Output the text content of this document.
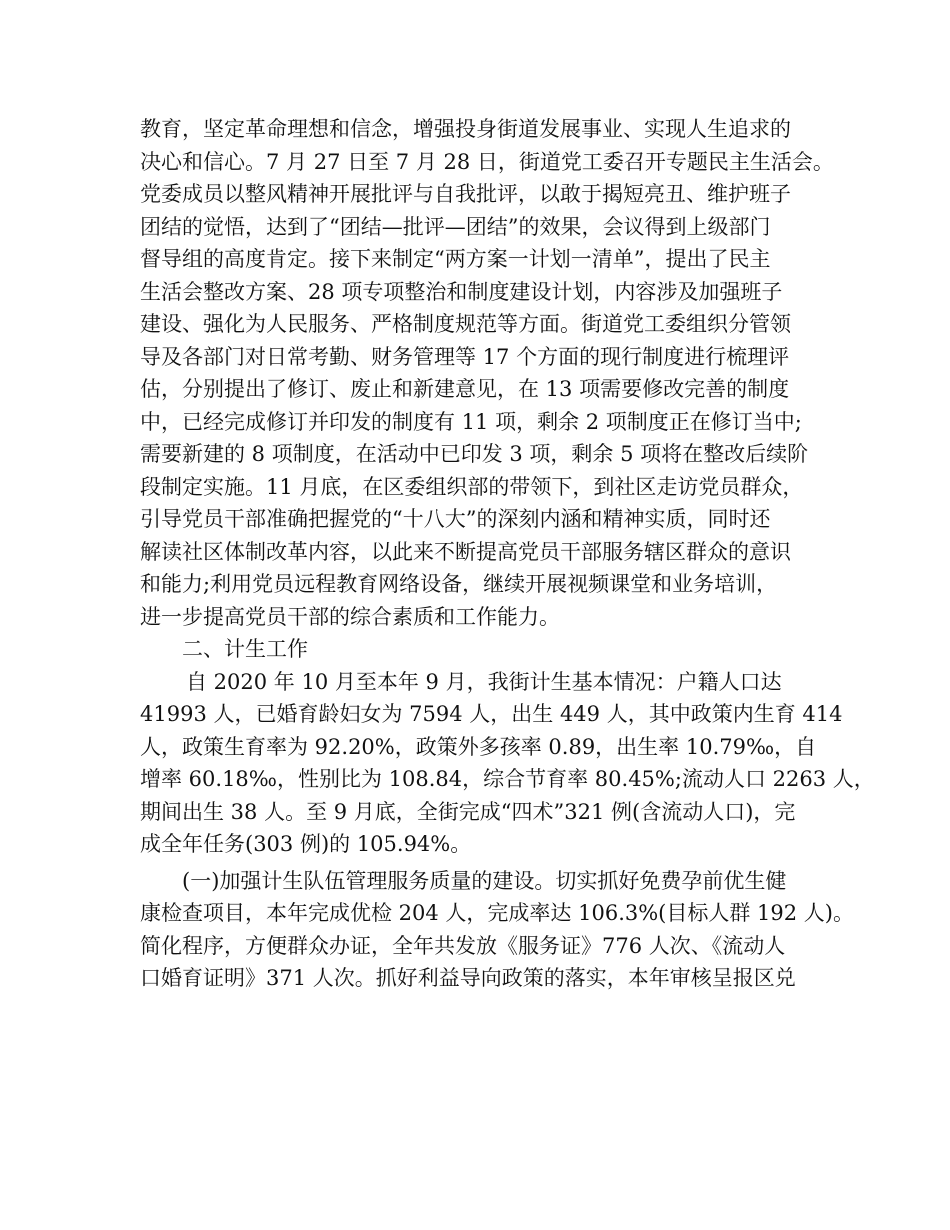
教育，坚定革命理想和信念，增强投身街道发展事业、实现人生追求的
决心和信心。7 月 27 日至 7 月 28 日，街道党工委召开专题民主生活会。
党委成员以整风精神开展批评与自我批评，以敢于揭短亮丑、维护班子
团结的觉悟，达到了“团结—批评—团结”的效果，会议得到上级部门
督导组的高度肯定。接下来制定“两方案一计划一清单”，提出了民主
生活会整改方案、28 项专项整治和制度建设计划，内容涉及加强班子
建设、强化为人民服务、严格制度规范等方面。街道党工委组织分管领
导及各部门对日常考勤、财务管理等 17 个方面的现行制度进行梳理评
估，分别提出了修订、废止和新建意见，在 13 项需要修改完善的制度
中，已经完成修订并印发的制度有 11 项，剩余 2 项制度正在修订当中;
需要新建的 8 项制度，在活动中已印发 3 项，剩余 5 项将在整改后续阶
段制定实施。11 月底，在区委组织部的带领下，到社区走访党员群众，
引导党员干部准确把握党的“十八大”的深刻内涵和精神实质，同时还
解读社区体制改革内容，以此来不断提高党员干部服务辖区群众的意识
和能力;利用党员远程教育网络设备，继续开展视频课堂和业务培训，
进一步提高党员干部的综合素质和工作能力。
二、计生工作
自 2020 年 10 月至本年 9 月，我街计生基本情况：户籍人口达
41993 人，已婚育龄妇女为 7594 人，出生 449 人，其中政策内生育 414
人，政策生育率为 92.20%，政策外多孩率 0.89，出生率 10.79‰，自
增率 60.18‰，性别比为 108.84，综合节育率 80.45%;流动人口 2263 人，
期间出生 38 人。至 9 月底，全街完成“四术”321 例(含流动人口)，完
成全年任务(303 例)的 105.94%。
(一)加强计生队伍管理服务质量的建设。切实抓好免费孕前优生健
康检查项目，本年完成优检 204 人，完成率达 106.3%(目标人群 192 人)。
简化程序，方便群众办证，全年共发放《服务证》776 人次、《流动人
口婚育证明》371 人次。抓好利益导向政策的落实，本年审核呈报区兑
